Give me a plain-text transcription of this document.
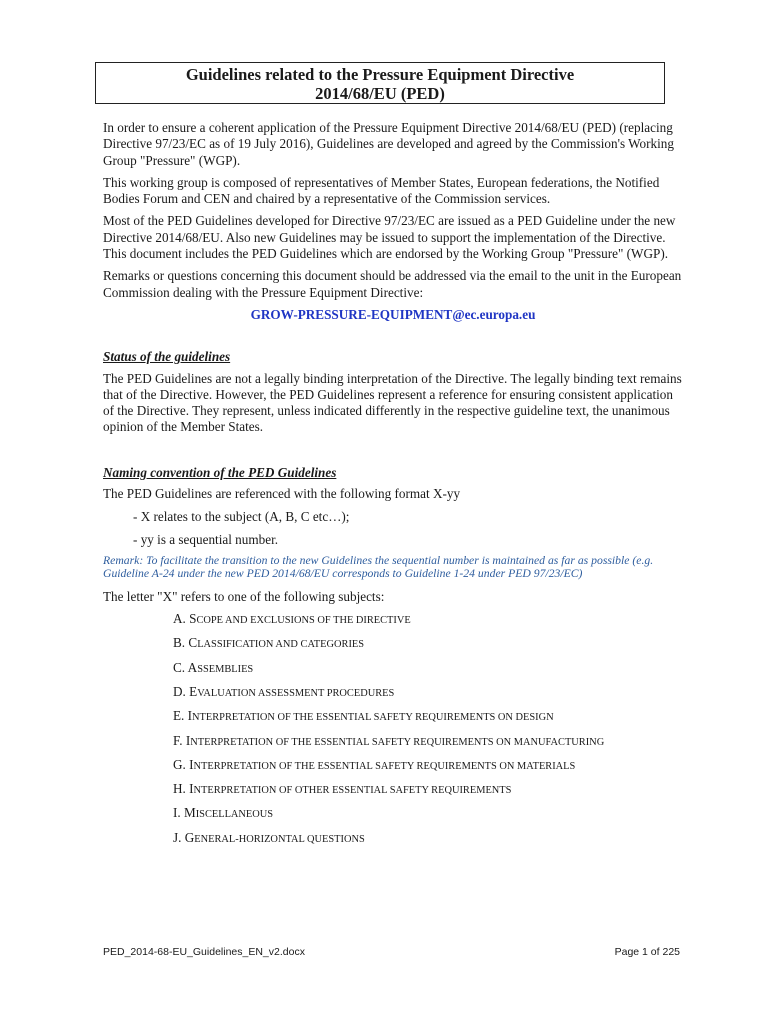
Guidelines related to the Pressure Equipment Directive
2014/68/EU (PED)

In order to ensure a coherent application of the Pressure Equipment Directive 2014/68/EU (PED) (replacing Directive 97/23/EC as of 19 July 2016), Guidelines are developed and agreed by the Commission's Working Group "Pressure" (WGP).

This working group is composed of representatives of Member States, European federations, the Notified Bodies Forum and CEN and chaired by a representative of the Commission services.

Most of the PED Guidelines developed for Directive 97/23/EC are issued as a PED Guideline under the new Directive 2014/68/EU. Also new Guidelines may be issued to support the implementation of the Directive. This document includes the PED Guidelines which are endorsed by the Working Group "Pressure" (WGP).

Remarks or questions concerning this document should be addressed via the email to the unit in the European Commission dealing with the Pressure Equipment Directive:

GROW-PRESSURE-EQUIPMENT@ec.europa.eu

Status of the guidelines

The PED Guidelines are not a legally binding interpretation of the Directive. The legally binding text remains that of the Directive. However, the PED Guidelines represent a reference for ensuring consistent application of the Directive. They represent, unless indicated differently in the respective guideline text, the unanimous opinion of the Member States.

Naming convention of the PED Guidelines

The PED Guidelines are referenced with the following format X-yy

- X relates to the subject (A, B, C etc…);

- yy is a sequential number.

Remark: To facilitate the transition to the new Guidelines the sequential number is maintained as far as possible (e.g. Guideline A-24 under the new PED 2014/68/EU corresponds to Guideline 1-24 under PED 97/23/EC)

The letter "X" refers to one of the following subjects:

A. SCOPE AND EXCLUSIONS OF THE DIRECTIVE
B. CLASSIFICATION AND CATEGORIES
C. ASSEMBLIES
D. EVALUATION ASSESSMENT PROCEDURES
E. INTERPRETATION OF THE ESSENTIAL SAFETY REQUIREMENTS ON DESIGN
F. INTERPRETATION OF THE ESSENTIAL SAFETY REQUIREMENTS ON MANUFACTURING
G. INTERPRETATION OF THE ESSENTIAL SAFETY REQUIREMENTS ON MATERIALS
H. INTERPRETATION OF OTHER ESSENTIAL SAFETY REQUIREMENTS
I. MISCELLANEOUS
J. GENERAL-HORIZONTAL QUESTIONS
PED_2014-68-EU_Guidelines_EN_v2.docx	Page 1 of 225
